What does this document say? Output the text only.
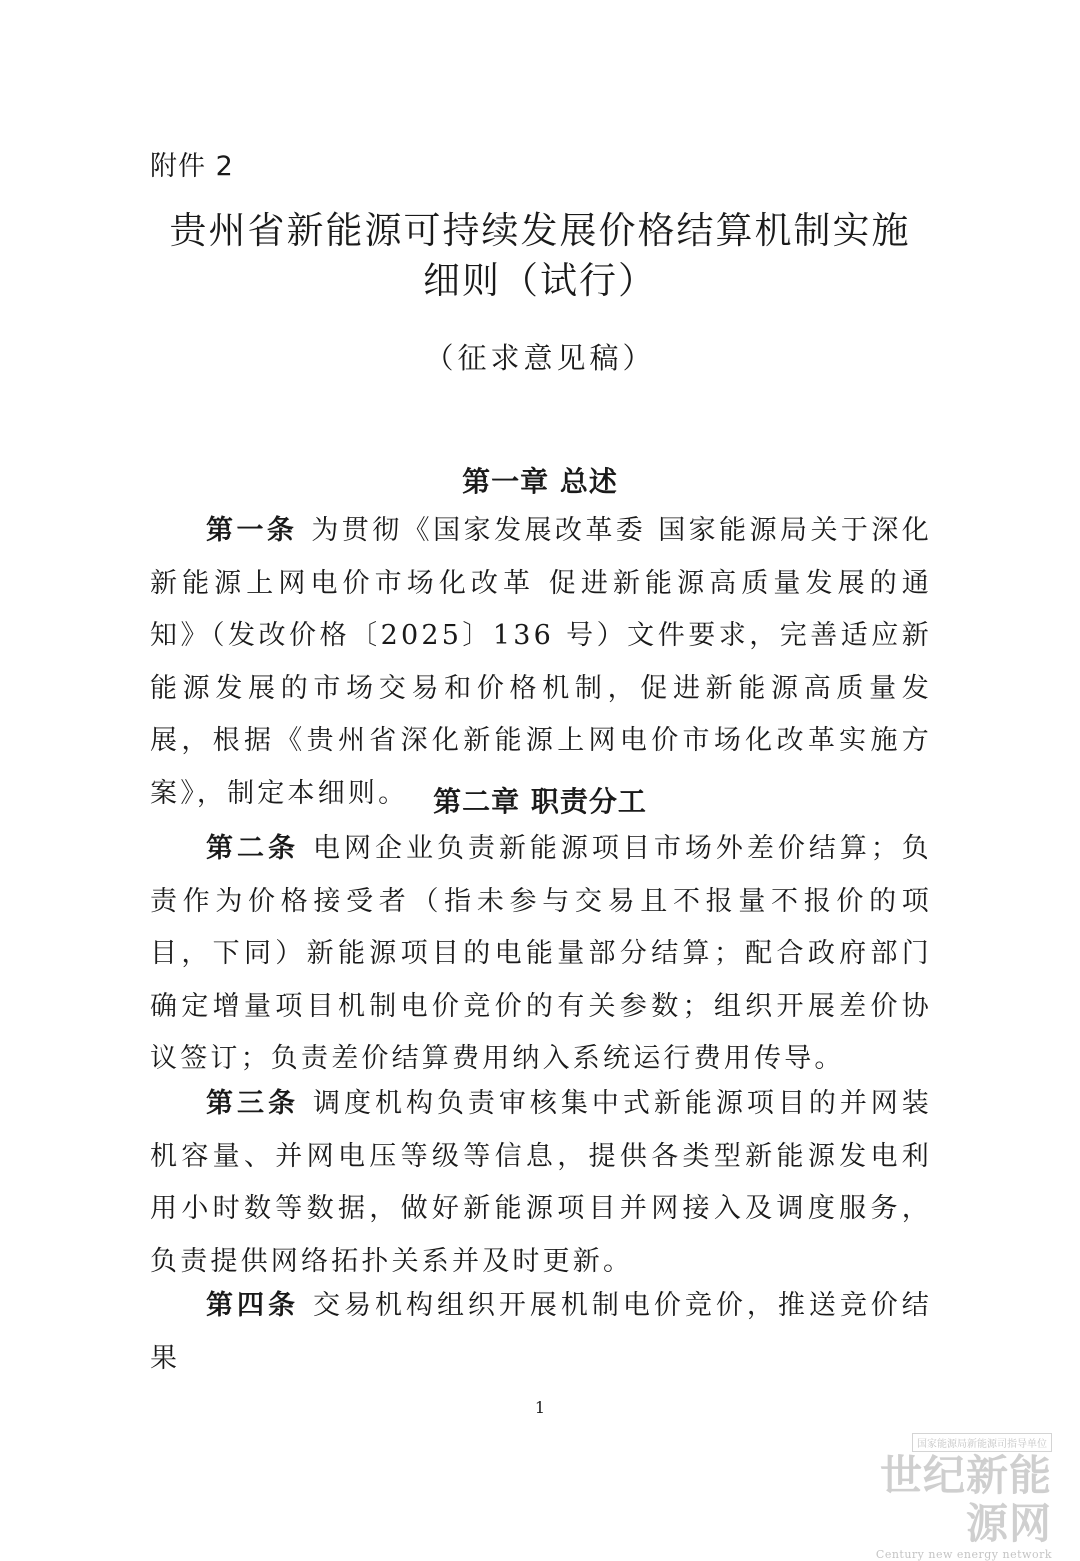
附件 2
贵州省新能源可持续发展价格结算机制实施
细则（试行）
（征求意见稿）
第一章 总述

第一条 为贯彻《国家发展改革委 国家能源局关于深化新能源上网电价市场化改革 促进新能源高质量发展的通知》（发改价格〔2025〕136 号）文件要求，完善适应新能源发展的市场交易和价格机制，促进新能源高质量发展，根据《贵州省深化新能源上网电价市场化改革实施方案》，制定本细则。 第二章 职责分工

第二条 电网企业负责新能源项目市场外差价结算；负责作为价格接受者（指未参与交易且不报量不报价的项目，下同）新能源项目的电能量部分结算；配合政府部门确定增量项目机制电价竞价的有关参数；组织开展差价协议签订；负责差价结算费用纳入系统运行费用传导。

第三条 调度机构负责审核集中式新能源项目的并网装机容量、并网电压等级等信息，提供各类型新能源发电利用小时数等数据，做好新能源项目并网接入及调度服务，负责提供网络拓扑关系并及时更新。

第四条 交易机构组织开展机制电价竞价，推送竞价结果

1
国家能源局新能源司指导单位
世纪新能源网
Century new energy network
